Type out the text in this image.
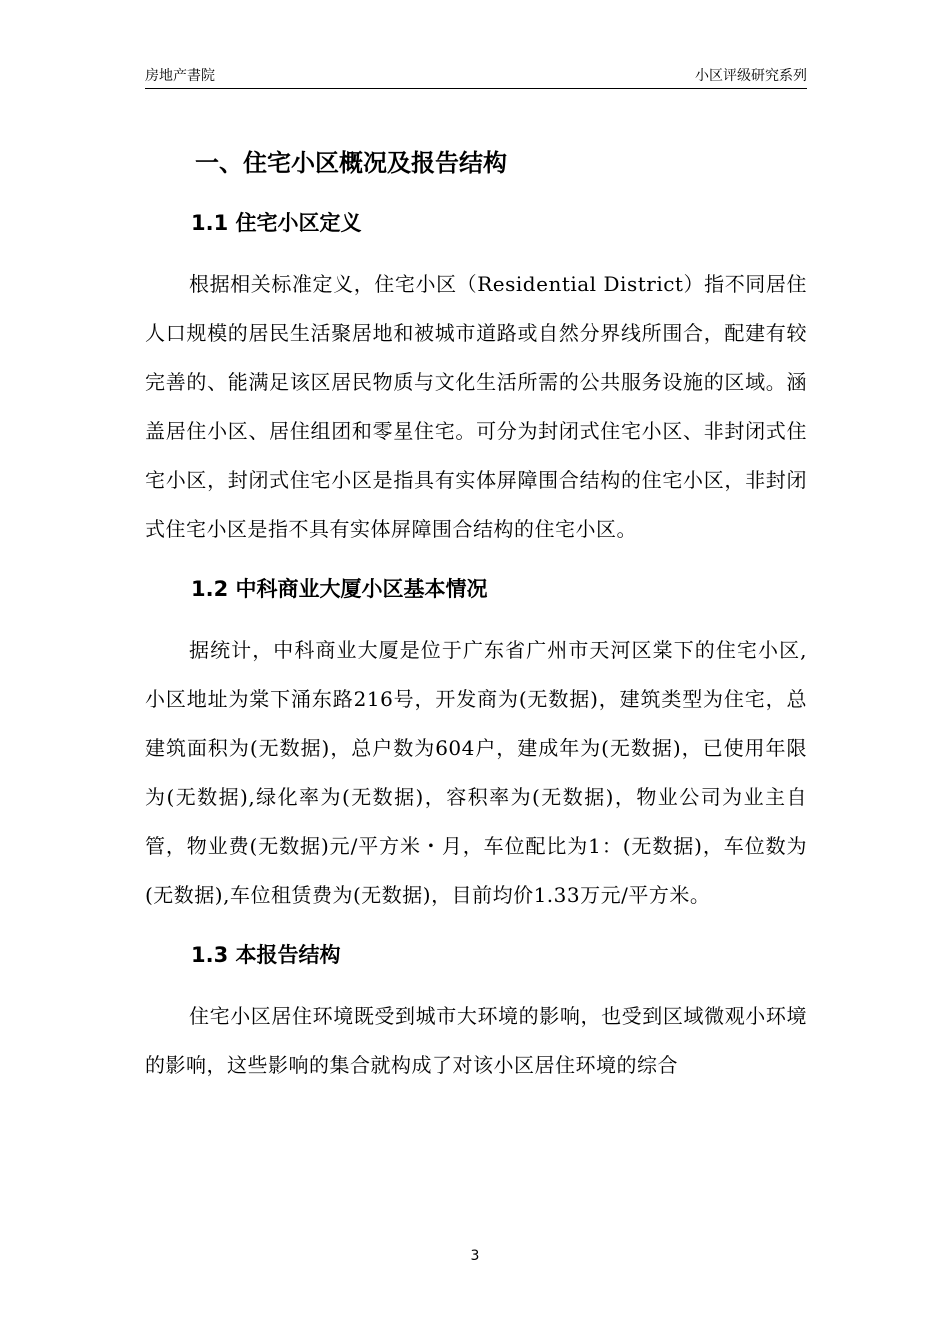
房地产書院	小区评级研究系列
一、住宅小区概况及报告结构
1.1 住宅小区定义

根据相关标准定义，住宅小区（Residential District）指不同居住人口规模的居民生活聚居地和被城市道路或自然分界线所围合，配建有较完善的、能满足该区居民物质与文化生活所需的公共服务设施的区域。涵盖居住小区、居住组团和零星住宅。可分为封闭式住宅小区、非封闭式住宅小区，封闭式住宅小区是指具有实体屏障围合结构的住宅小区，非封闭式住宅小区是指不具有实体屏障围合结构的住宅小区。

1.2 中科商业大厦小区基本情况

据统计，中科商业大厦是位于广东省广州市天河区棠下的住宅小区,小区地址为棠下涌东路216号，开发商为(无数据)，建筑类型为住宅，总建筑面积为(无数据)，总户数为604户，建成年为(无数据)，已使用年限为(无数据),绿化率为(无数据)，容积率为(无数据)，物业公司为业主自管，物业费(无数据)元/平方米・月，车位配比为1：(无数据)，车位数为(无数据),车位租赁费为(无数据)，目前均价1.33万元/平方米。

1.3 本报告结构

住宅小区居住环境既受到城市大环境的影响，也受到区域微观小环境的影响，这些影响的集合就构成了对该小区居住环境的综合

3
